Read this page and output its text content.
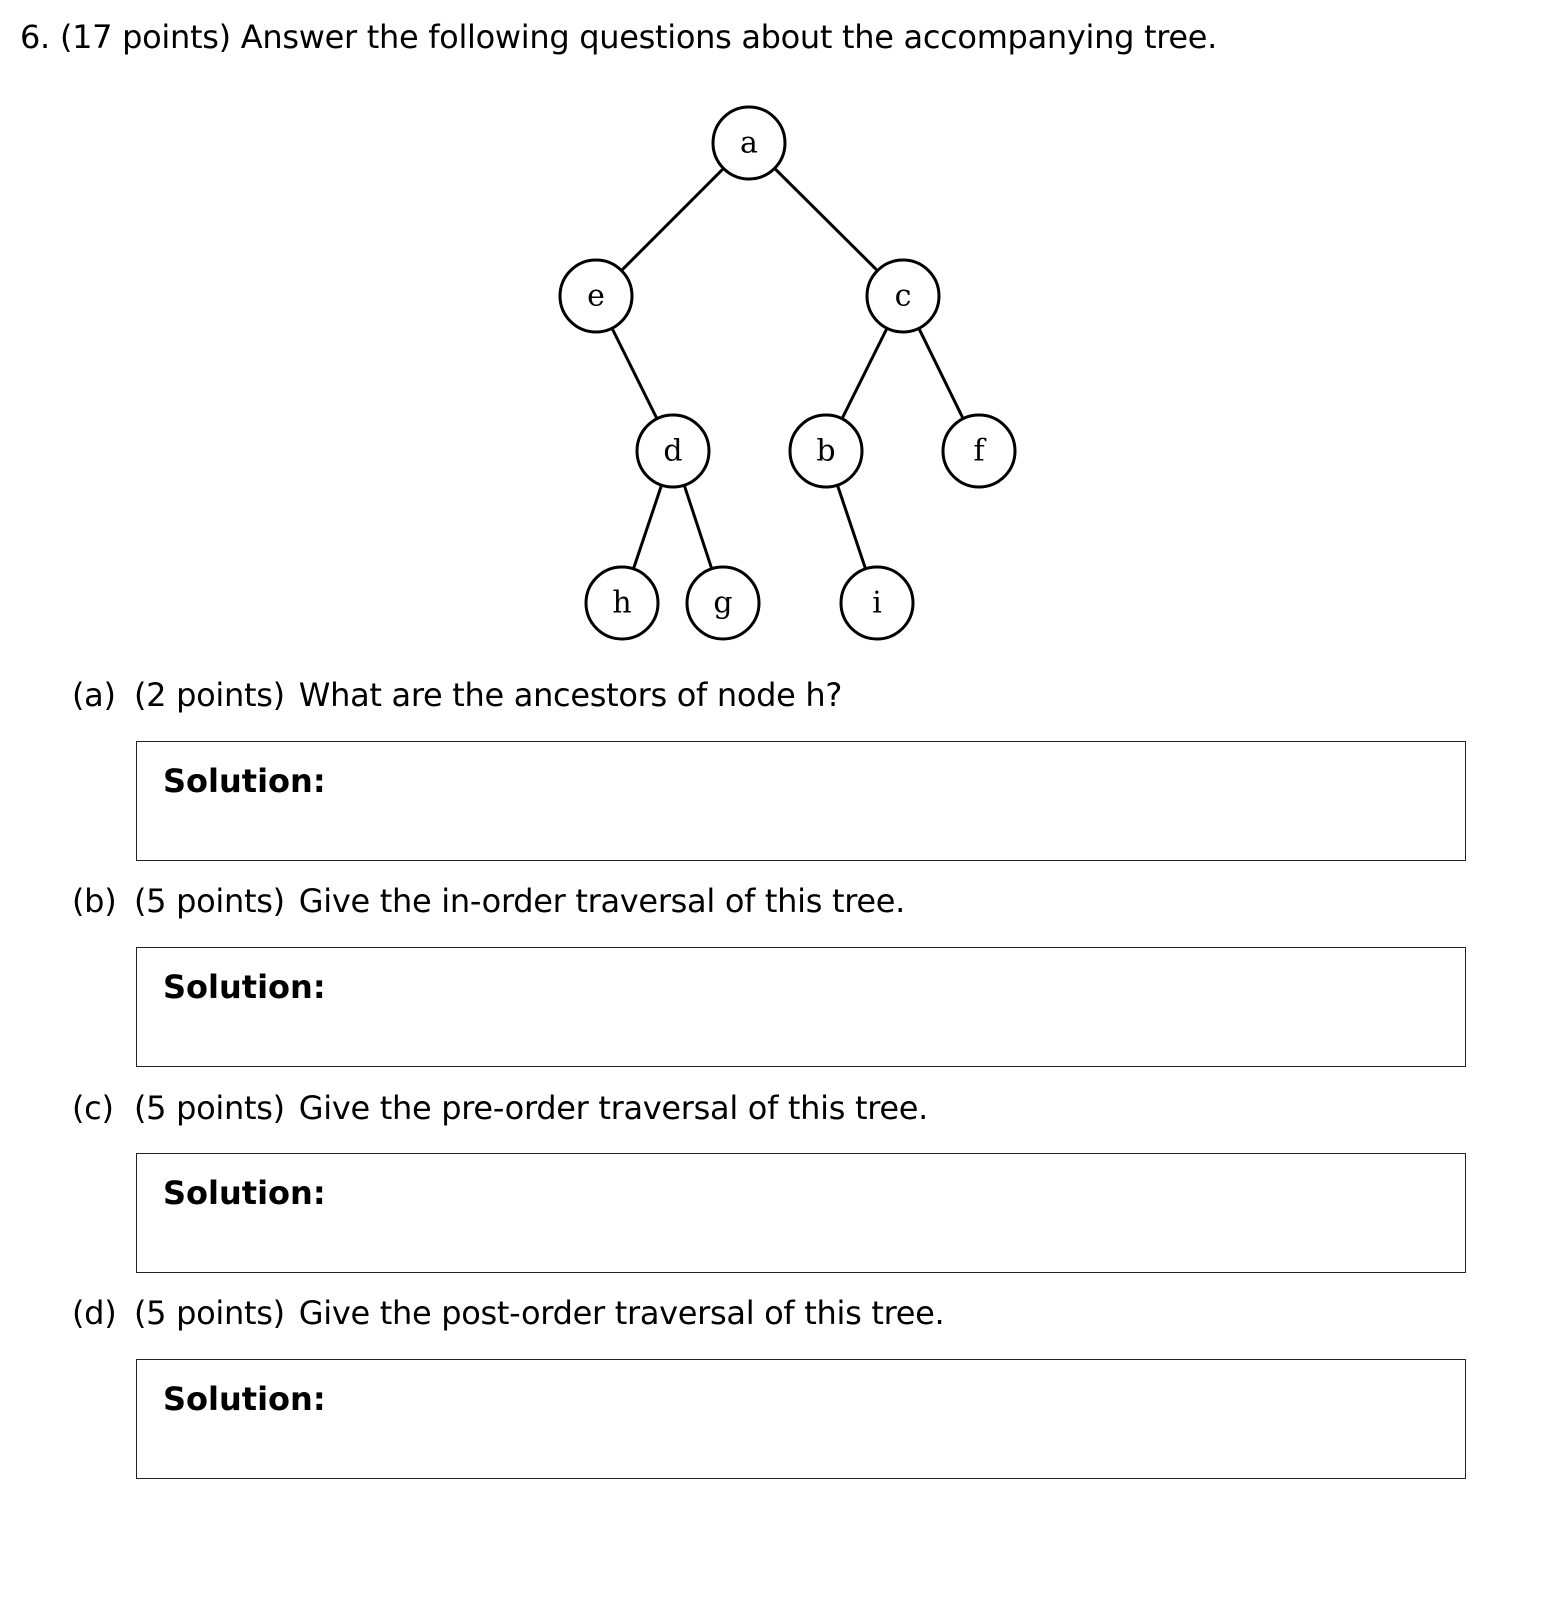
6. (17 points) Answer the following questions about the accompanying tree.
a
e	c
d	b	f
h	g	i
(a) (2 points) What are the ancestors of node h?
Solution:
(b) (5 points) Give the in-order traversal of this tree.
Solution:
(c) (5 points) Give the pre-order traversal of this tree.
Solution:
(d) (5 points) Give the post-order traversal of this tree.
Solution:
